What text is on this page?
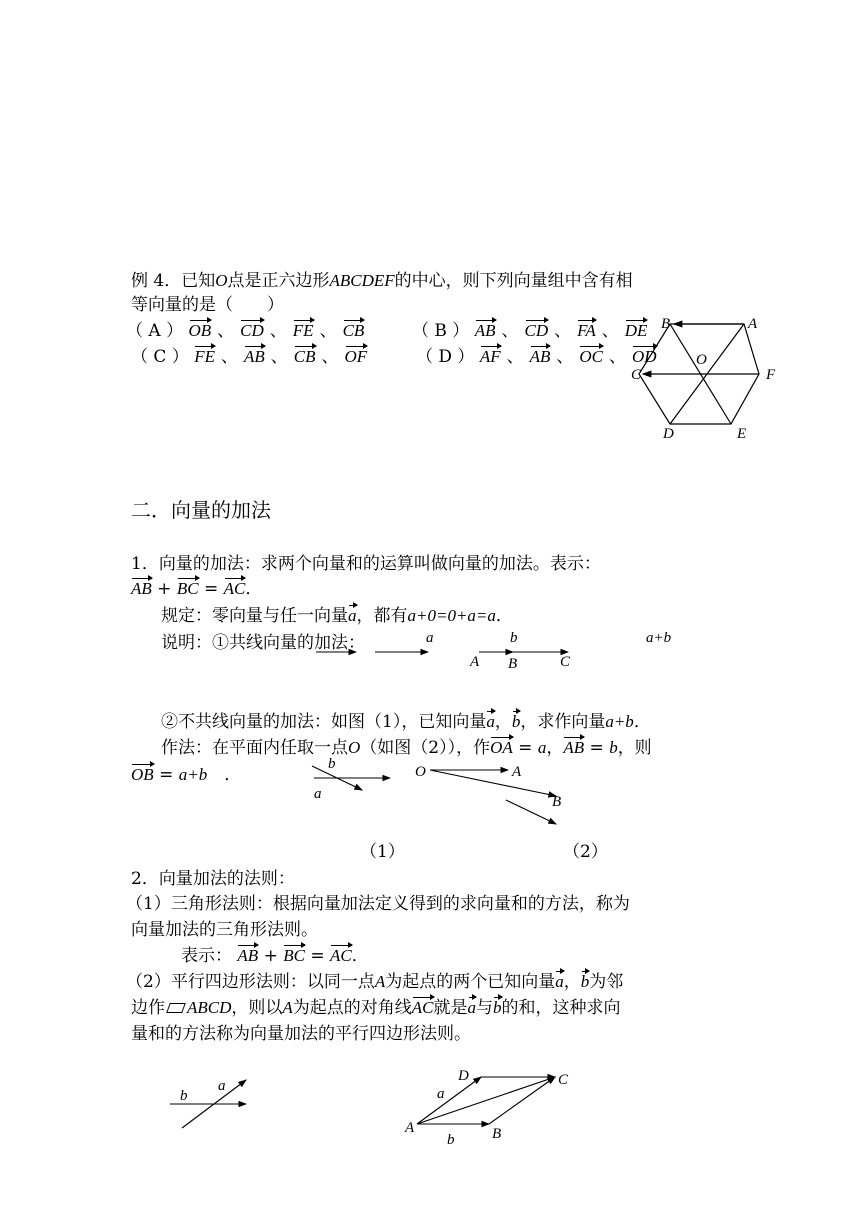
例 4．已知O点是正六边形ABCDEF的中心，则下列向量组中含有相
等向量的是（　　）
（ A ） OB 、 CD 、 FE 、 CB	（ B ） AB 、 CD 、 FA 、 DE
（ C ） FE 、 AB 、 CB 、 OF	（ D ） AF 、 AB 、 OC 、 OD
A
B
C
D	E
F
O
二．向量的加法
1．向量的加法：求两个向量和的运算叫做向量的加法。表示：
AB + BC = AC．
规定：零向量与任一向量a，都有a+0=0+a=a．
说明：①共线向量的加法：	a	b	a+b
A B	C
②不共线向量的加法：如图（1），已知向量a，b，求作向量a+b．
作法：在平面内任取一点O（如图（2）），作OA = a，AB = b，则
OB = a+b　．
b
a
O	A
B
（1）	（2）
2．向量加法的法则：
（1）三角形法则：根据向量加法定义得到的求向量和的方法，称为
向量加法的三角形法则。
表示： AB + BC = AC．
（2）平行四边形法则：以同一点A为起点的两个已知向量a，b为邻
边作 ABCD，则以A为起点的对角线AC就是a与b的和，这种求向
量和的方法称为向量加法的平行四边形法则。
b
a
A	B
C
D
a
b
